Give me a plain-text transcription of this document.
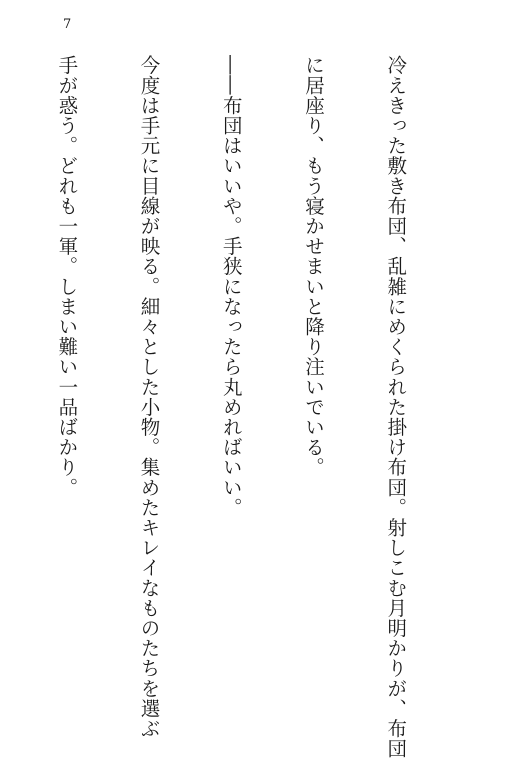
7

冷えきった敷き布団、乱雑にめくられた掛け布団。射しこむ月明かりが、布団

に居座り、もう寝かせまいと降り注いでいる。

――布団はいいや。手狭になったら丸めればいい。

今度は手元に目線が映る。細々とした小物。集めたキレイなものたちを選ぶ

手が惑う。どれも一軍。しまい難い一品ばかり。
